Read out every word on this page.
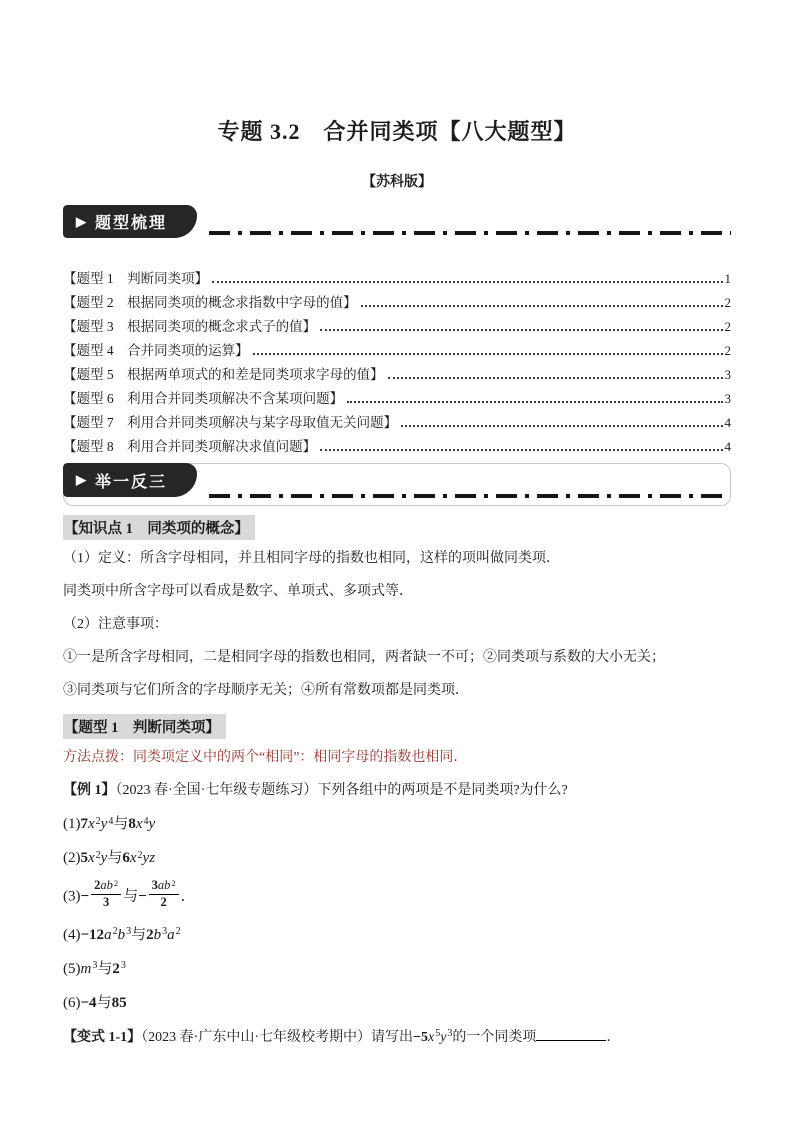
专题 3.2　合并同类项【八大题型】
【苏科版】
▶ 题型梳理
【题型 1　判断同类项】	1
【题型 2　根据同类项的概念求指数中字母的值】	2
【题型 3　根据同类项的概念求式子的值】	2
【题型 4　合并同类项的运算】	2
【题型 5　根据两单项式的和差是同类项求字母的值】	3
【题型 6　利用合并同类项解决不含某项问题】	3
【题型 7　利用合并同类项解决与某字母取值无关问题】	4
【题型 8　利用合并同类项解决求值问题】	4
▶ 举一反三
【知识点 1　同类项的概念】

（1）定义：所含字母相同，并且相同字母的指数也相同，这样的项叫做同类项．

同类项中所含字母可以看成是数字、单项式、多项式等．

（2）注意事项：

①一是所含字母相同，二是相同字母的指数也相同，两者缺一不可；②同类项与系数的大小无关；

③同类项与它们所含的字母顺序无关；④所有常数项都是同类项．

【题型 1　判断同类项】

方法点拨：同类项定义中的两个“相同”：相同字母的指数也相同．

【例 1】（2023 春·全国·七年级专题练习）下列各组中的两项是不是同类项?为什么?

$(1)7x^2y^4$与$8x^4y$

$(2)5x^2y$与$6x^2yz$

$(3)- \frac{2ab^2}{3}$ 与− $\frac{3ab^2}{2}$ ．

$(4)-12a^2b^3$与$2b^3a^2$

$(5)m^3$与$2^3$

(6)−4与85

【变式 1-1】（2023 春·广东中山·七年级校考期中）请写出$-5x^5y^3$的一个同类项	．
